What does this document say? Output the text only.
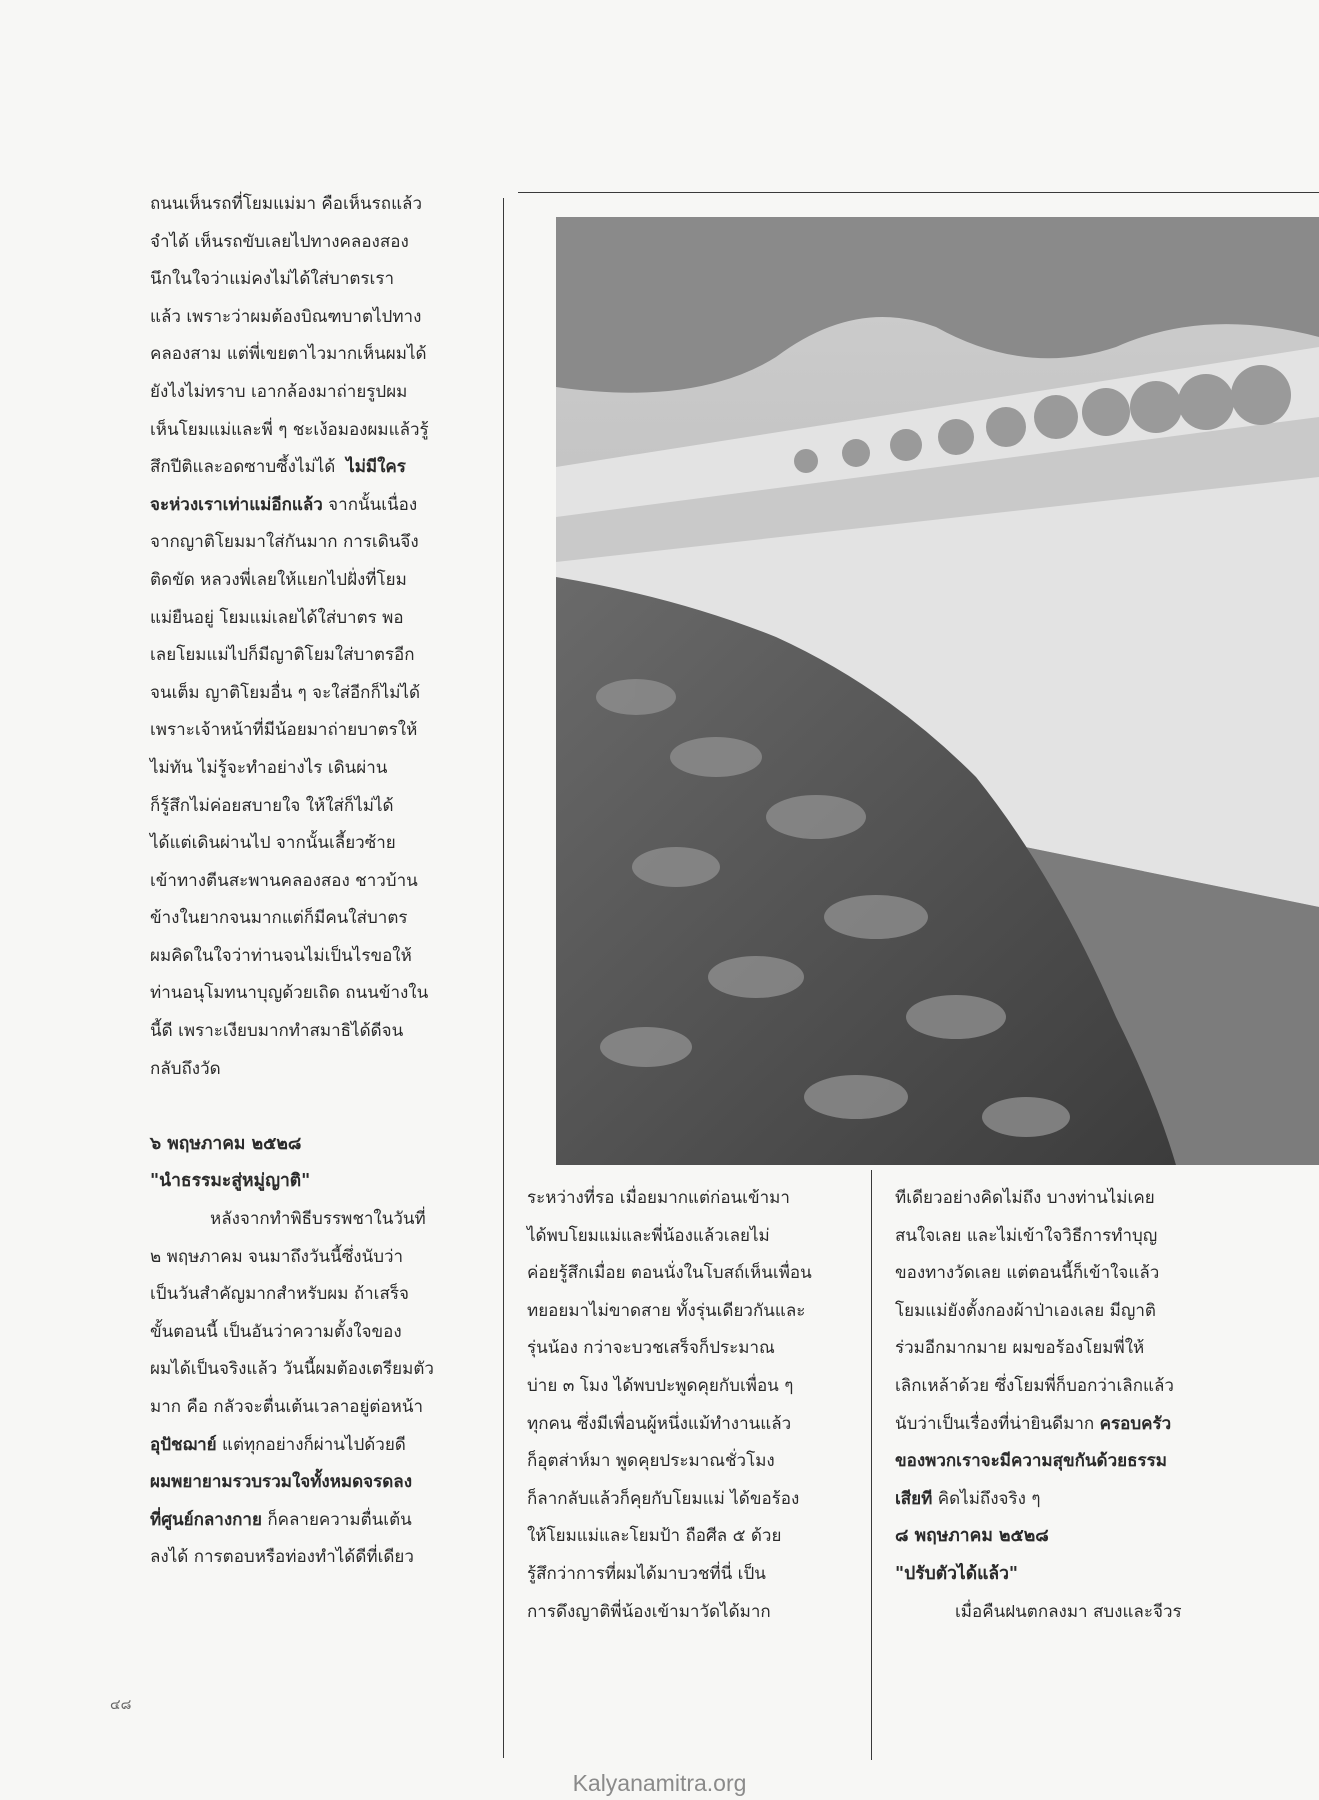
ถนนเห็นรถที่โยมแม่มา คือเห็นรถแล้ว
จำได้ เห็นรถขับเลยไปทางคลองสอง
นึกในใจว่าแม่คงไม่ได้ใส่บาตรเรา
แล้ว เพราะว่าผมต้องบิณฑบาตไปทาง
คลองสาม แต่พี่เขยตาไวมากเห็นผมได้
ยังไงไม่ทราบ เอากล้องมาถ่ายรูปผม
เห็นโยมแม่และพี่ ๆ ชะเง้อมองผมแล้วรู้
สึกปีติและอดซาบซึ้งไม่ได้ ไม่มีใคร
จะห่วงเราเท่าแม่อีกแล้ว จากนั้นเนื่อง
จากญาติโยมมาใส่กันมาก การเดินจึง
ติดขัด หลวงพี่เลยให้แยกไปฝั่งที่โยม
แม่ยืนอยู่ โยมแม่เลยได้ใส่บาตร พอ
เลยโยมแม่ไปก็มีญาติโยมใส่บาตรอีก
จนเต็ม ญาติโยมอื่น ๆ จะใส่อีกก็ไม่ได้
เพราะเจ้าหน้าที่มีน้อยมาถ่ายบาตรให้
ไม่ทัน ไม่รู้จะทำอย่างไร เดินผ่าน
ก็รู้สึกไม่ค่อยสบายใจ ให้ใส่ก็ไม่ได้
ได้แต่เดินผ่านไป จากนั้นเลี้ยวซ้าย
เข้าทางตีนสะพานคลองสอง ชาวบ้าน
ข้างในยากจนมากแต่ก็มีคนใส่บาตร
ผมคิดในใจว่าท่านจนไม่เป็นไรขอให้
ท่านอนุโมทนาบุญด้วยเถิด ถนนข้างใน
นี้ดี เพราะเงียบมากทำสมาธิได้ดีจน
กลับถึงวัด

๖ พฤษภาคม ๒๕๒๘
"นำธรรมะสู่หมู่ญาติ"
หลังจากทำพิธีบรรพชาในวันที่
๒ พฤษภาคม จนมาถึงวันนี้ซึ่งนับว่า
เป็นวันสำคัญมากสำหรับผม ถ้าเสร็จ
ขั้นตอนนี้ เป็นอันว่าความตั้งใจของ
ผมได้เป็นจริงแล้ว วันนี้ผมต้องเตรียมตัว
มาก คือ กลัวจะตื่นเต้นเวลาอยู่ต่อหน้า
อุปัชฌาย์ แต่ทุกอย่างก็ผ่านไปด้วยดี
ผมพยายามรวบรวมใจทั้งหมดจรดลง
ที่ศูนย์กลางกาย ก็คลายความตื่นเต้น
ลงได้ การตอบหรือท่องทำได้ดีที่เดียว
ระหว่างที่รอ เมื่อยมากแต่ก่อนเข้ามา
ได้พบโยมแม่และพี่น้องแล้วเลยไม่
ค่อยรู้สึกเมื่อย ตอนนั่งในโบสถ์เห็นเพื่อน
ทยอยมาไม่ขาดสาย ทั้งรุ่นเดียวกันและ
รุ่นน้อง กว่าจะบวชเสร็จก็ประมาณ
บ่าย ๓ โมง ได้พบปะพูดคุยกับเพื่อน ๆ
ทุกคน ซึ่งมีเพื่อนผู้หนึ่งแม้ทำงานแล้ว
ก็อุตส่าห์มา พูดคุยประมาณชั่วโมง
ก็ลากลับแล้วก็คุยกับโยมแม่ ได้ขอร้อง
ให้โยมแม่และโยมป้า ถือศีล ๕ ด้วย
รู้สึกว่าการที่ผมได้มาบวชที่นี่ เป็น
การดึงญาติพี่น้องเข้ามาวัดได้มาก
ทีเดียวอย่างคิดไม่ถึง บางท่านไม่เคย
สนใจเลย และไม่เข้าใจวิธีการทำบุญ
ของทางวัดเลย แต่ตอนนี้ก็เข้าใจแล้ว
โยมแม่ยังตั้งกองผ้าป่าเองเลย มีญาติ
ร่วมอีกมากมาย ผมขอร้องโยมพี่ให้
เลิกเหล้าด้วย ซึ่งโยมพี่ก็บอกว่าเลิกแล้ว
นับว่าเป็นเรื่องที่น่ายินดีมาก ครอบครัว
ของพวกเราจะมีความสุขกันด้วยธรรม
เสียที คิดไม่ถึงจริง ๆ
๘ พฤษภาคม ๒๕๒๘
"ปรับตัวได้แล้ว"
เมื่อคืนฝนตกลงมา สบงและจีวร
๔๘
Kalyanamitra.org
